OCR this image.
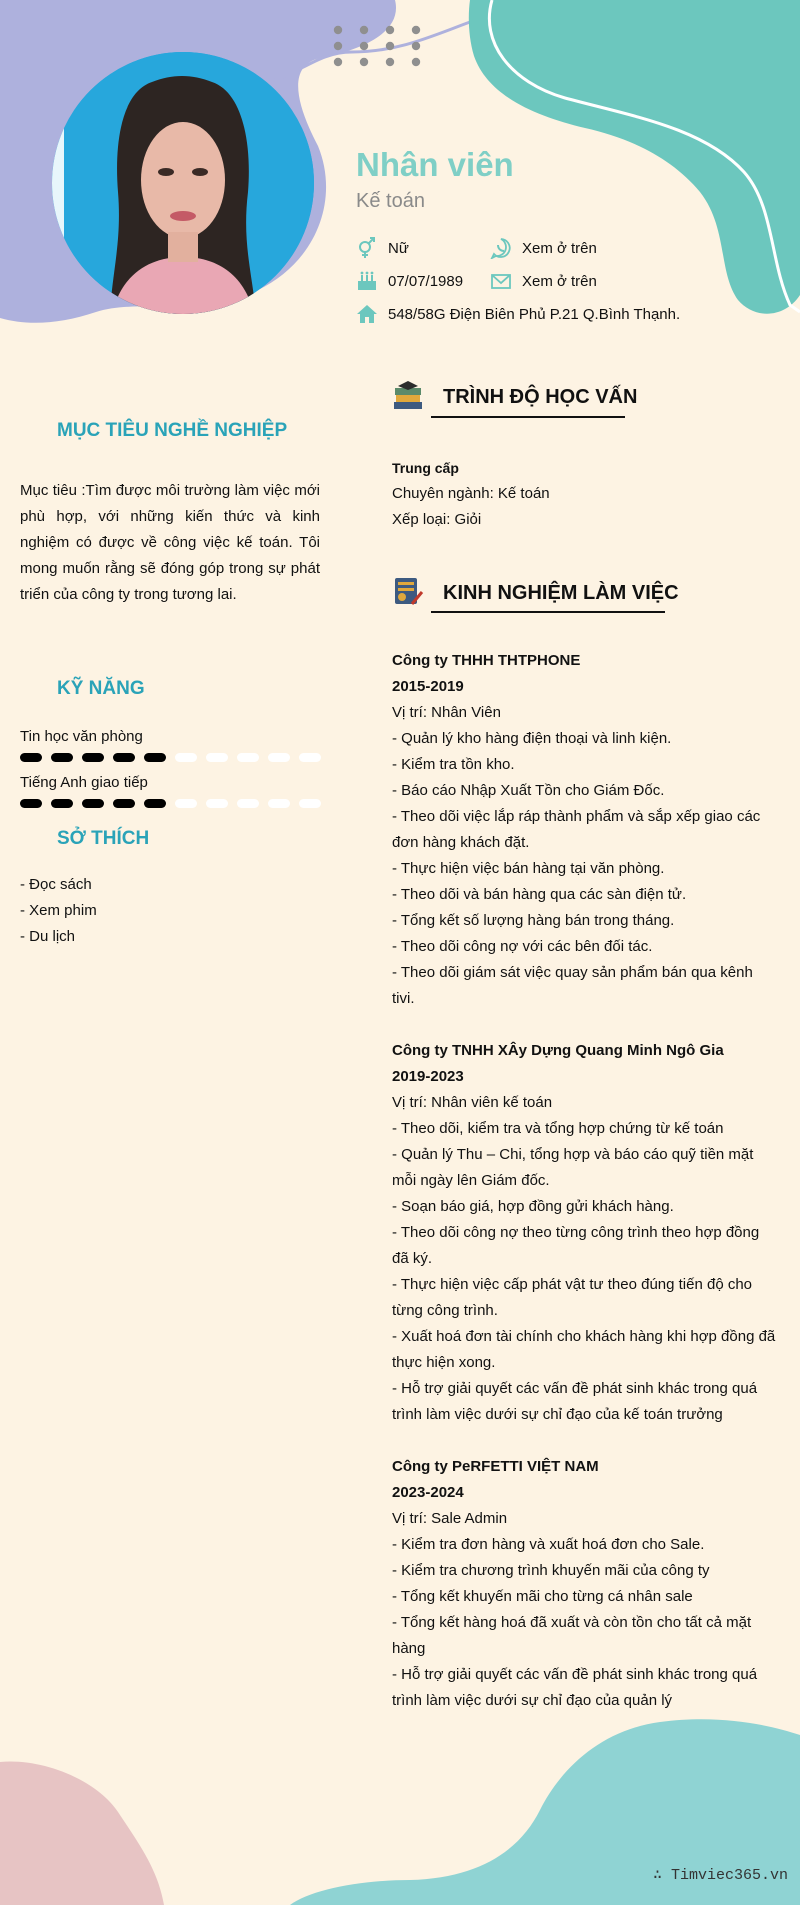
Nhân viên
Kế toán
Nữ	Xem ở trên
07/07/1989	Xem ở trên
548/58G Điện Biên Phủ P.21 Q.Bình Thạnh.
MỤC TIÊU NGHỀ NGHIỆP
Mục tiêu :Tìm được môi trường làm việc mới phù hợp, với những kiến thức và kinh nghiệm có được về công việc kế toán. Tôi mong muốn rằng sẽ đóng góp trong sự phát triển của công ty trong tương lai.
KỸ NĂNG
Tin học văn phòng
Tiếng Anh giao tiếp
SỞ THÍCH
- Đọc sách
- Xem phim
- Du lịch
TRÌNH ĐỘ HỌC VẤN
Trung cấp
Chuyên ngành: Kế toán
Xếp loại: Giỏi
KINH NGHIỆM LÀM VIỆC
Công ty THHH THTPHONE
2015-2019
Vị trí: Nhân Viên
- Quản lý kho hàng điện thoại và linh kiện.
- Kiểm tra tồn kho.
- Báo cáo Nhập Xuất Tồn cho Giám Đốc.
- Theo dõi việc lắp ráp thành phẩm và sắp xếp giao các đơn hàng khách đặt.
- Thực hiện việc bán hàng tại văn phòng.
- Theo dõi và bán hàng qua các sàn điện tử.
- Tổng kết số lượng hàng bán trong tháng.
- Theo dõi công nợ với các bên đối tác.
- Theo dõi giám sát việc quay sản phẩm bán qua kênh tivi.
Công ty TNHH XÂy Dựng Quang Minh Ngô Gia
2019-2023
Vị trí: Nhân viên kế toán
- Theo dõi, kiểm tra và tổng hợp chứng từ kế toán
- Quản lý Thu – Chi, tổng hợp và báo cáo quỹ tiền mặt mỗi ngày lên Giám đốc.
- Soạn báo giá, hợp đồng gửi khách hàng.
- Theo dõi công nợ theo từng công trình theo hợp đồng đã ký.
- Thực hiện việc cấp phát vật tư theo đúng tiến độ cho từng công trình.
- Xuất hoá đơn tài chính cho khách hàng khi hợp đồng đã thực hiện xong.
- Hỗ trợ giải quyết các vấn đề phát sinh khác trong quá trình làm việc dưới sự chỉ đạo của kế toán trưởng
Công ty PeRFETTI VIỆT NAM
2023-2024
Vị trí: Sale Admin
- Kiểm tra đơn hàng và xuất hoá đơn cho Sale.
- Kiểm tra chương trình khuyến mãi của công ty
- Tổng kết khuyến mãi cho từng cá nhân sale
- Tổng kết hàng hoá đã xuất và còn tồn cho tất cả mặt hàng
- Hỗ trợ giải quyết các vấn đề phát sinh khác trong quá trình làm việc dưới sự chỉ đạo của quản lý
∴ Timviec365.vn
